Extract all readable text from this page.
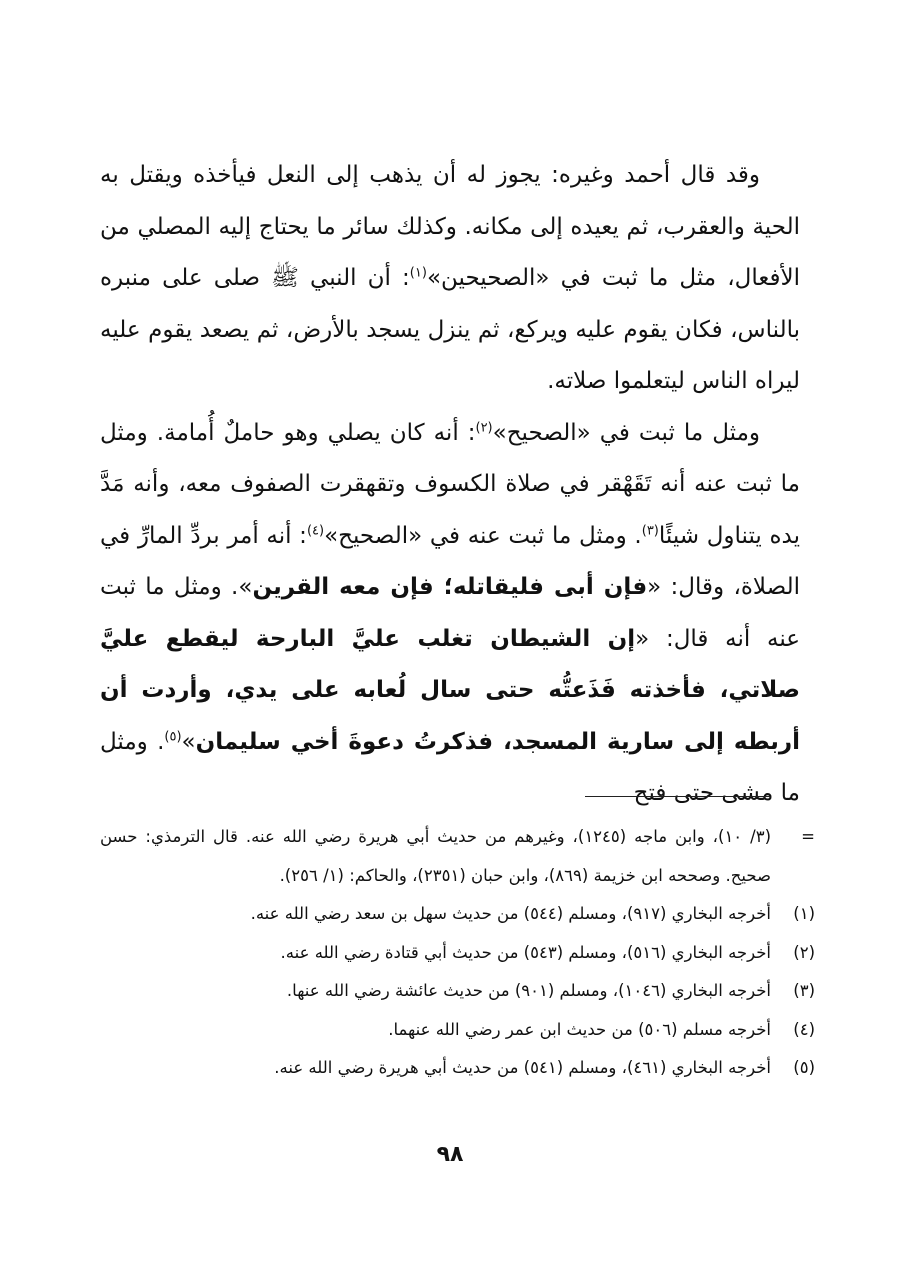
وقد قال أحمد وغيره: يجوز له أن يذهب إلى النعل فيأخذه ويقتل به الحية والعقرب، ثم يعيده إلى مكانه. وكذلك سائر ما يحتاج إليه المصلي من الأفعال، مثل ما ثبت في «الصحيحين»$^{(١)}$: أن النبي ﷺ صلى على منبره بالناس، فكان يقوم عليه ويركع، ثم ينزل يسجد بالأرض، ثم يصعد يقوم عليه ليراه الناس ليتعلموا صلاته.

ومثل ما ثبت في «الصحيح»$^{(٢)}$: أنه كان يصلي وهو حاملٌ أُمامة. ومثل ما ثبت عنه أنه تَقَهْقر في صلاة الكسوف وتقهقرت الصفوف معه، وأنه مَدَّ يده يتناول شيئًا$^{(٣)}$. ومثل ما ثبت عنه في «الصحيح»$^{(٤)}$: أنه أمر بردِّ المارِّ في الصلاة، وقال: «فإن أبى فليقاتله؛ فإن معه القرين». ومثل ما ثبت عنه أنه قال: «إن الشيطان تغلب عليَّ البارحة ليقطع عليَّ صلاتي، فأخذته فَذَعتُّه حتى سال لُعابه على يدي، وأردت أن أربطه إلى سارية المسجد، فذكرتُ دعوةَ أخي سليمان»$^{(٥)}$. ومثل ما مشى حتى فتح

=
(٣/ ١٠)، وابن ماجه (١٢٤٥)، وغيرهم من حديث أبي هريرة رضي الله عنه. قال الترمذي: حسن صحيح. وصححه ابن خزيمة (٨٦٩)، وابن حبان (٢٣٥١)، والحاكم: (١/ ٢٥٦).
(١)
أخرجه البخاري (٩١٧)، ومسلم (٥٤٤) من حديث سهل بن سعد رضي الله عنه.
(٢)
أخرجه البخاري (٥١٦)، ومسلم (٥٤٣) من حديث أبي قتادة رضي الله عنه.
(٣)
أخرجه البخاري (١٠٤٦)، ومسلم (٩٠١) من حديث عائشة رضي الله عنها.
(٤)
أخرجه مسلم (٥٠٦) من حديث ابن عمر رضي الله عنهما.
(٥)
أخرجه البخاري (٤٦١)، ومسلم (٥٤١) من حديث أبي هريرة رضي الله عنه.
٩٨
